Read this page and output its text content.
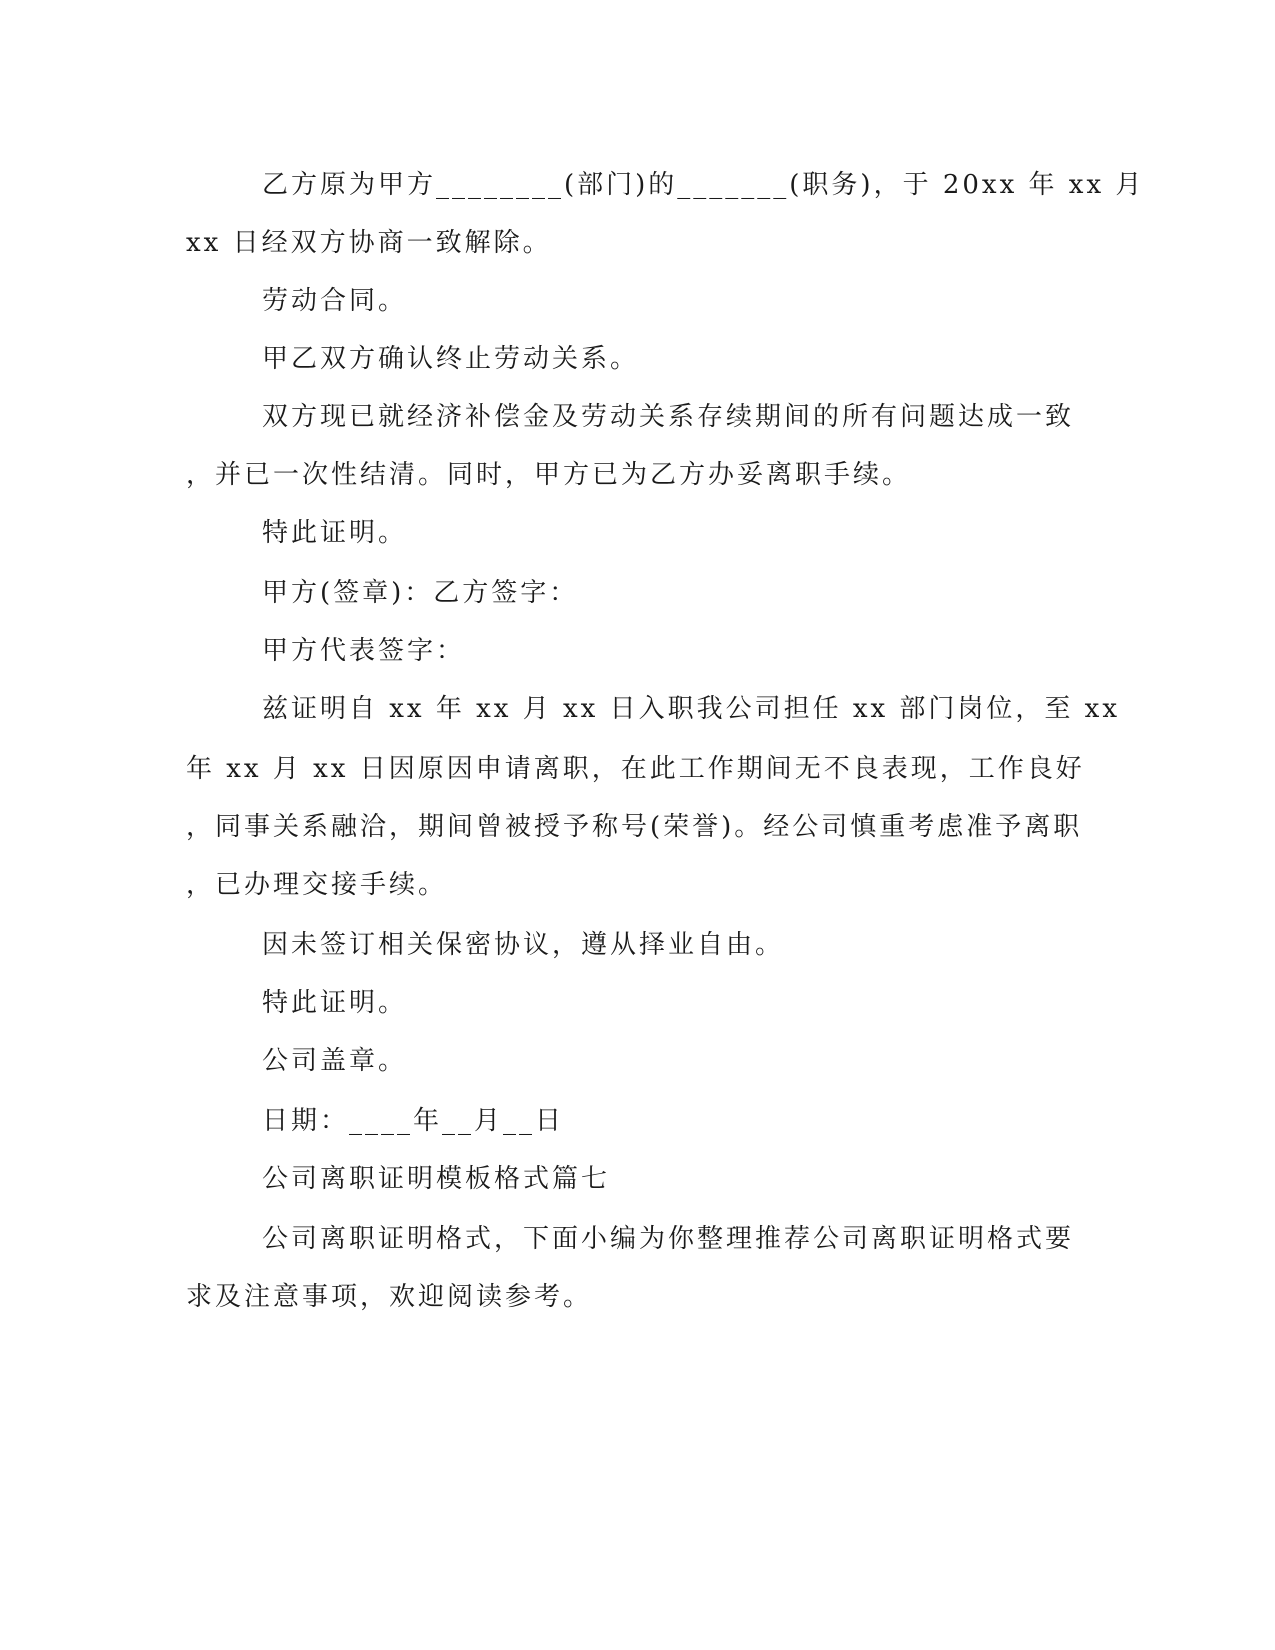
乙方原为甲方________(部门)的_______(职务)，于 20xx 年 xx 月
xx 日经双方协商一致解除。
劳动合同。
甲乙双方确认终止劳动关系。
双方现已就经济补偿金及劳动关系存续期间的所有问题达成一致
，并已一次性结清。同时，甲方已为乙方办妥离职手续。
特此证明。
甲方(签章)：乙方签字：
甲方代表签字：
兹证明自 xx 年 xx 月 xx 日入职我公司担任 xx 部门岗位，至 xx
年 xx 月 xx 日因原因申请离职，在此工作期间无不良表现，工作良好
，同事关系融洽，期间曾被授予称号(荣誉)。经公司慎重考虑准予离职
，已办理交接手续。
因未签订相关保密协议，遵从择业自由。
特此证明。
公司盖章。
日期：____年__月__日
公司离职证明模板格式篇七
公司离职证明格式，下面小编为你整理推荐公司离职证明格式要
求及注意事项，欢迎阅读参考。
